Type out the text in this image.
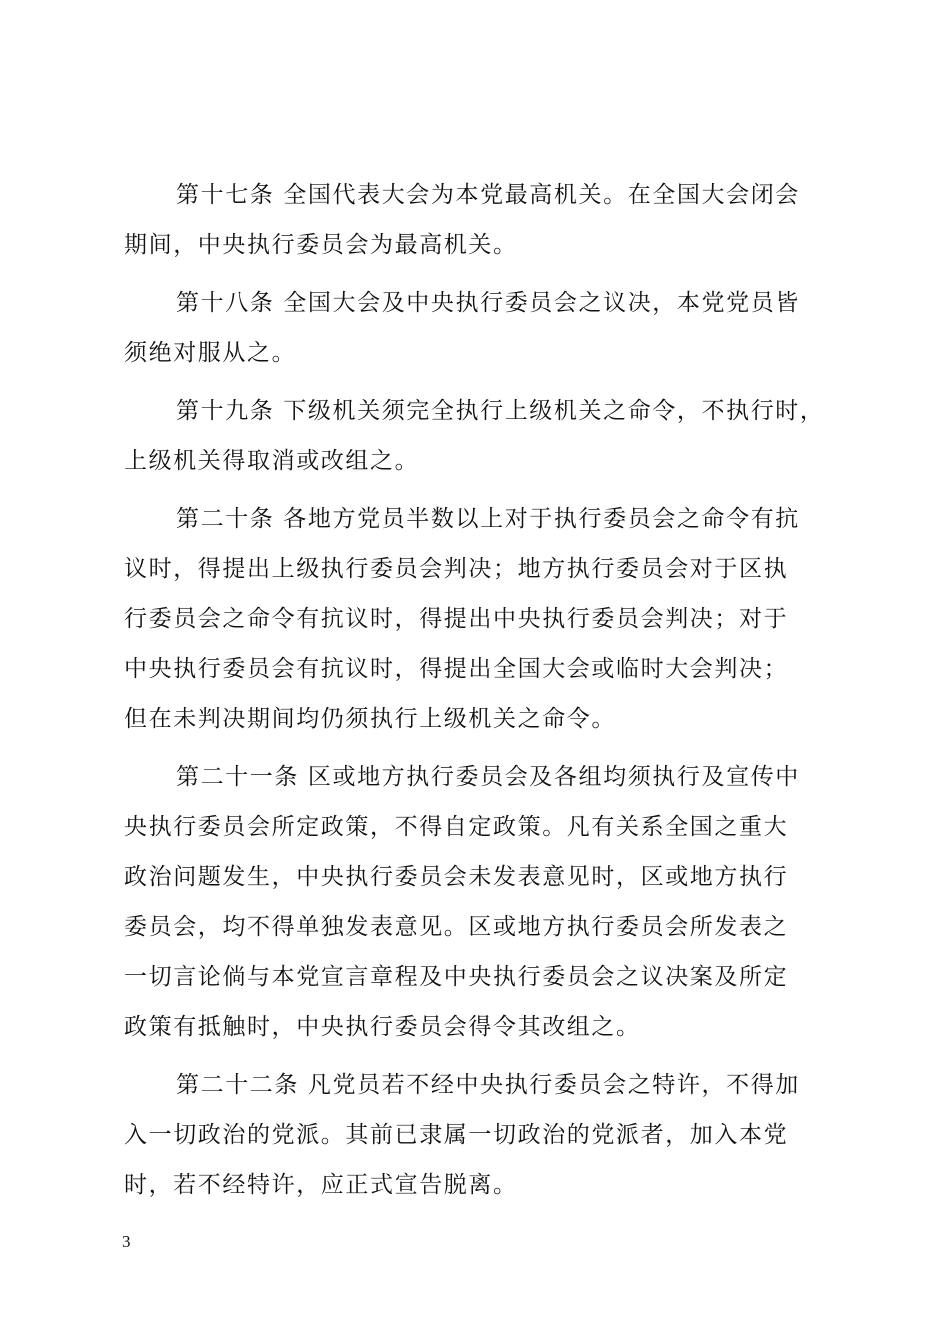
第十七条 全国代表大会为本党最高机关。在全国大会闭会
期间，中央执行委员会为最高机关。
第十八条 全国大会及中央执行委员会之议决，本党党员皆
须绝对服从之。
第十九条 下级机关须完全执行上级机关之命令，不执行时，
上级机关得取消或改组之。
第二十条 各地方党员半数以上对于执行委员会之命令有抗
议时，得提出上级执行委员会判决；地方执行委员会对于区执
行委员会之命令有抗议时，得提出中央执行委员会判决；对于
中央执行委员会有抗议时，得提出全国大会或临时大会判决；
但在未判决期间均仍须执行上级机关之命令。
第二十一条 区或地方执行委员会及各组均须执行及宣传中
央执行委员会所定政策，不得自定政策。凡有关系全国之重大
政治问题发生，中央执行委员会未发表意见时，区或地方执行
委员会，均不得单独发表意见。区或地方执行委员会所发表之
一切言论倘与本党宣言章程及中央执行委员会之议决案及所定
政策有抵触时，中央执行委员会得令其改组之。
第二十二条 凡党员若不经中央执行委员会之特许，不得加
入一切政治的党派。其前已隶属一切政治的党派者，加入本党
时，若不经特许，应正式宣告脱离。
3
